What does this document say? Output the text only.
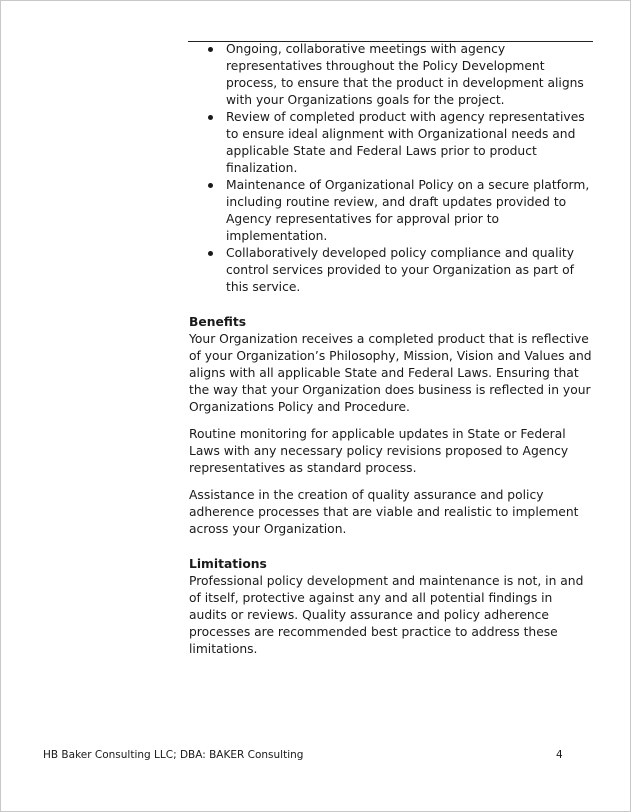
Ongoing, collaborative meetings with agency representatives throughout the Policy Development process, to ensure that the product in development aligns with your Organizations goals for the project.
Review of completed product with agency representatives to ensure ideal alignment with Organizational needs and applicable State and Federal Laws prior to product finalization.
Maintenance of Organizational Policy on a secure platform, including routine review, and draft updates provided to Agency representatives for approval prior to implementation.
Collaboratively developed policy compliance and quality control services provided to your Organization as part of this service.
Benefits

Your Organization receives a completed product that is reflective of your Organization’s Philosophy, Mission, Vision and Values and aligns with all applicable State and Federal Laws. Ensuring that the way that your Organization does business is reflected in your Organizations Policy and Procedure.

Routine monitoring for applicable updates in State or Federal Laws with any necessary policy revisions proposed to Agency representatives as standard process.

Assistance in the creation of quality assurance and policy adherence processes that are viable and realistic to implement across your Organization.

Limitations

Professional policy development and maintenance is not, in and of itself, protective against any and all potential findings in audits or reviews. Quality assurance and policy adherence processes are recommended best practice to address these limitations.

HB Baker Consulting LLC; DBA: BAKER Consulting	4
